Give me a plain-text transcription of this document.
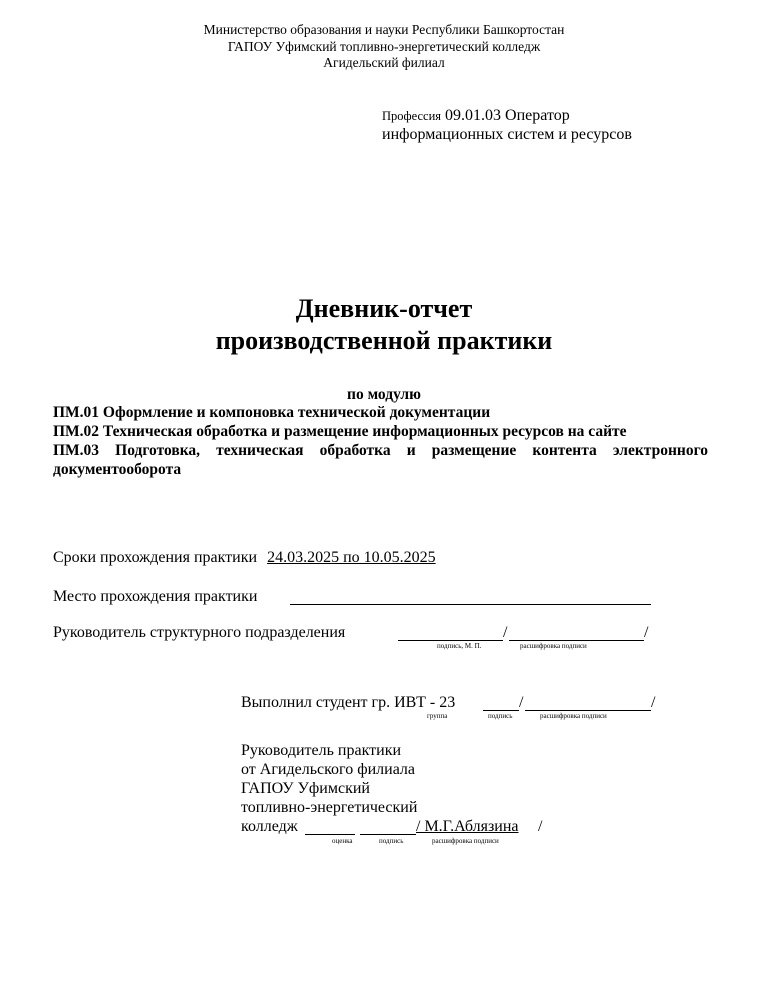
Министерство образования и науки Республики Башкортостан
ГАПОУ Уфимский топливно-энергетический колледж
Агидельский филиал
Профессия 09.01.03 Оператор
информационных систем и ресурсов
Дневник-отчет
производственной практики
по модулю

ПМ.01 Оформление и компоновка технической документации

ПМ.02 Техническая обработка и размещение информационных ресурсов на сайте

ПМ.03 Подготовка, техническая обработка и размещение контента электронного документооборота

Сроки прохождения практики 24.03.2025 по 10.05.2025
Место прохождения практики
Руководитель структурного подразделения	/	/
подпись, М. П.	расшифровка подписи
Выполнил студент гр. ИВТ - 23	/	/
группа	подпись	расшифровка подписи
Руководитель практики
от Агидельского филиала
ГАПОУ Уфимский
топливно-энергетический
колледж	/ М.Г.Аблязина /
оценка	подпись	расшифровка подписи
